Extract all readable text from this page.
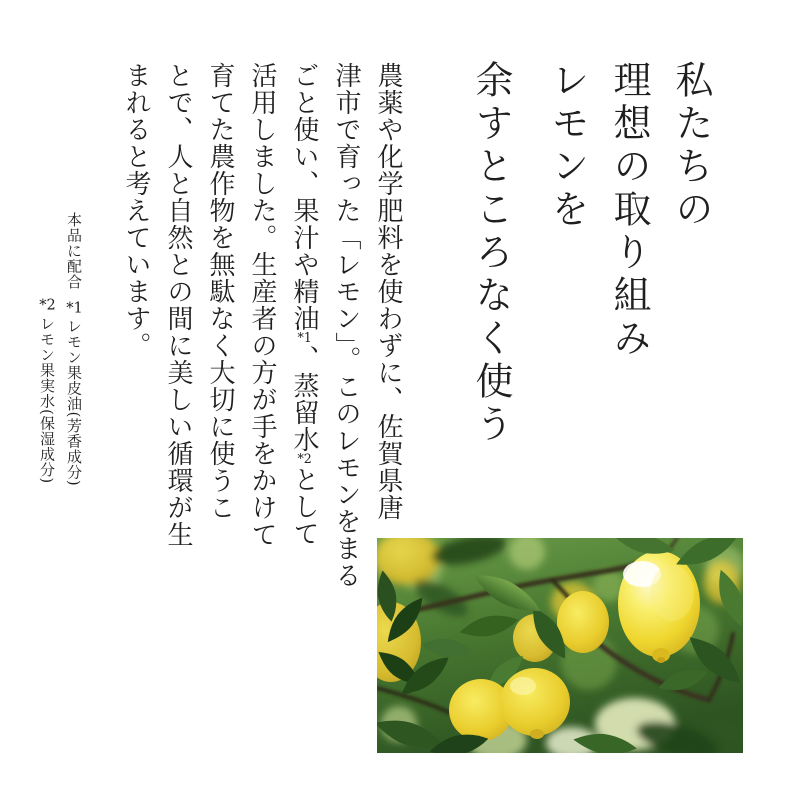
私たちの
理想の取り組み
レモンを
余すところなく使う
農薬や化学肥料を使わずに、佐賀県唐
津市で育った「レモン」。このレモンをまる
ごと使い、果汁や精油*1、蒸留水*2として
活用しました。生産者の方が手をかけて
育てた農作物を無駄なく大切に使うこ
とで、人と自然との間に美しい循環が生
まれると考えています。
本品に配合*1レモン果皮油(芳香成分)
*2レモン果実水(保湿成分)
